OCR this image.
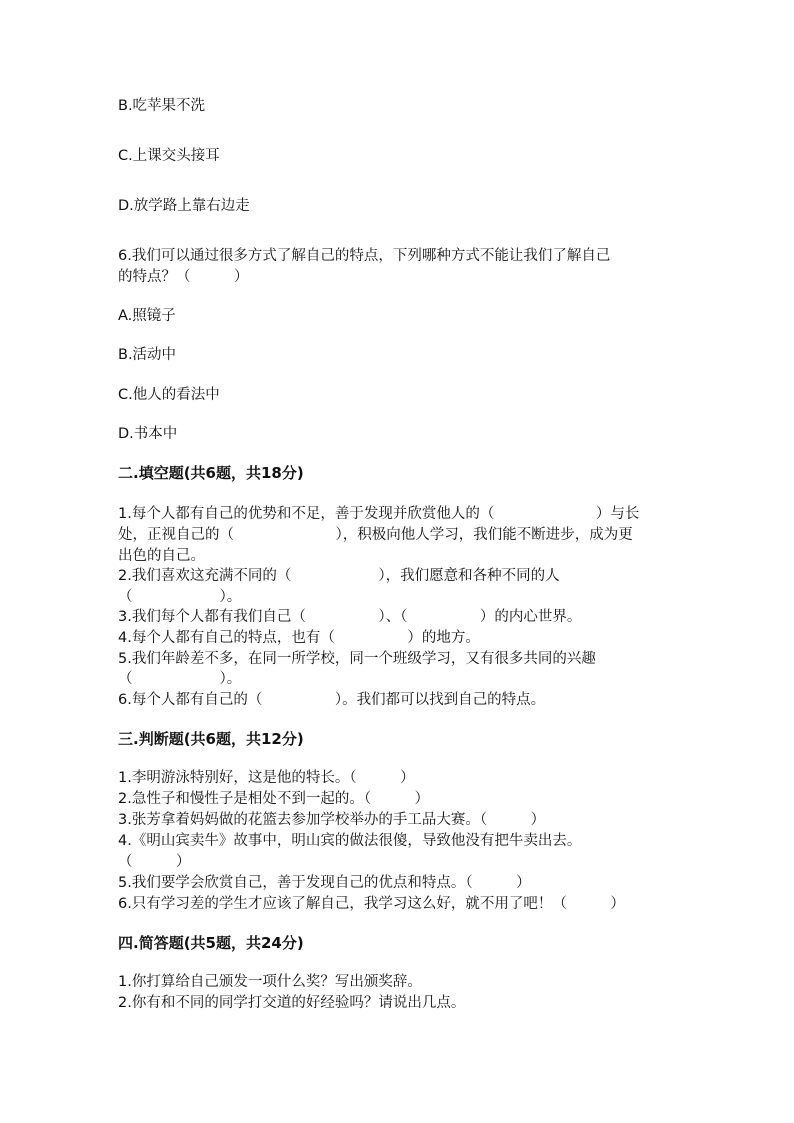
B.吃苹果不洗
C.上课交头接耳
D.放学路上靠右边走
6.我们可以通过很多方式了解自己的特点，下列哪种方式不能让我们了解自己
的特点？（　　　）
A.照镜子
B.活动中
C.他人的看法中
D.书本中
二.填空题(共6题，共18分)
1.每个人都有自己的优势和不足，善于发现并欣赏他人的（　　　　　　　）与长
处，正视自己的（　　　　　　　），积极向他人学习，我们能不断进步，成为更
出色的自己。
2.我们喜欢这充满不同的（　　　　　　），我们愿意和各种不同的人
（　　　　　　）。
3.我们每个人都有我们自己（　　　　　）、（　　　　　）的内心世界。
4.每个人都有自己的特点，也有（　　　　　）的地方。
5.我们年龄差不多，在同一所学校，同一个班级学习，又有很多共同的兴趣
（　　　　　　）。
6.每个人都有自己的（　　　　　）。我们都可以找到自己的特点。
三.判断题(共6题，共12分)
1.李明游泳特别好，这是他的特长。（　　　）
2.急性子和慢性子是相处不到一起的。（　　　）
3.张芳拿着妈妈做的花篮去参加学校举办的手工品大赛。（　　　）
4.《明山宾卖牛》故事中，明山宾的做法很傻，导致他没有把牛卖出去。
（　　　）
5.我们要学会欣赏自己，善于发现自己的优点和特点。（　　　）
6.只有学习差的学生才应该了解自己，我学习这么好，就不用了吧！（　　　）
四.简答题(共5题，共24分)
1.你打算给自己颁发一项什么奖？写出颁奖辞。
2.你有和不同的同学打交道的好经验吗？请说出几点。
